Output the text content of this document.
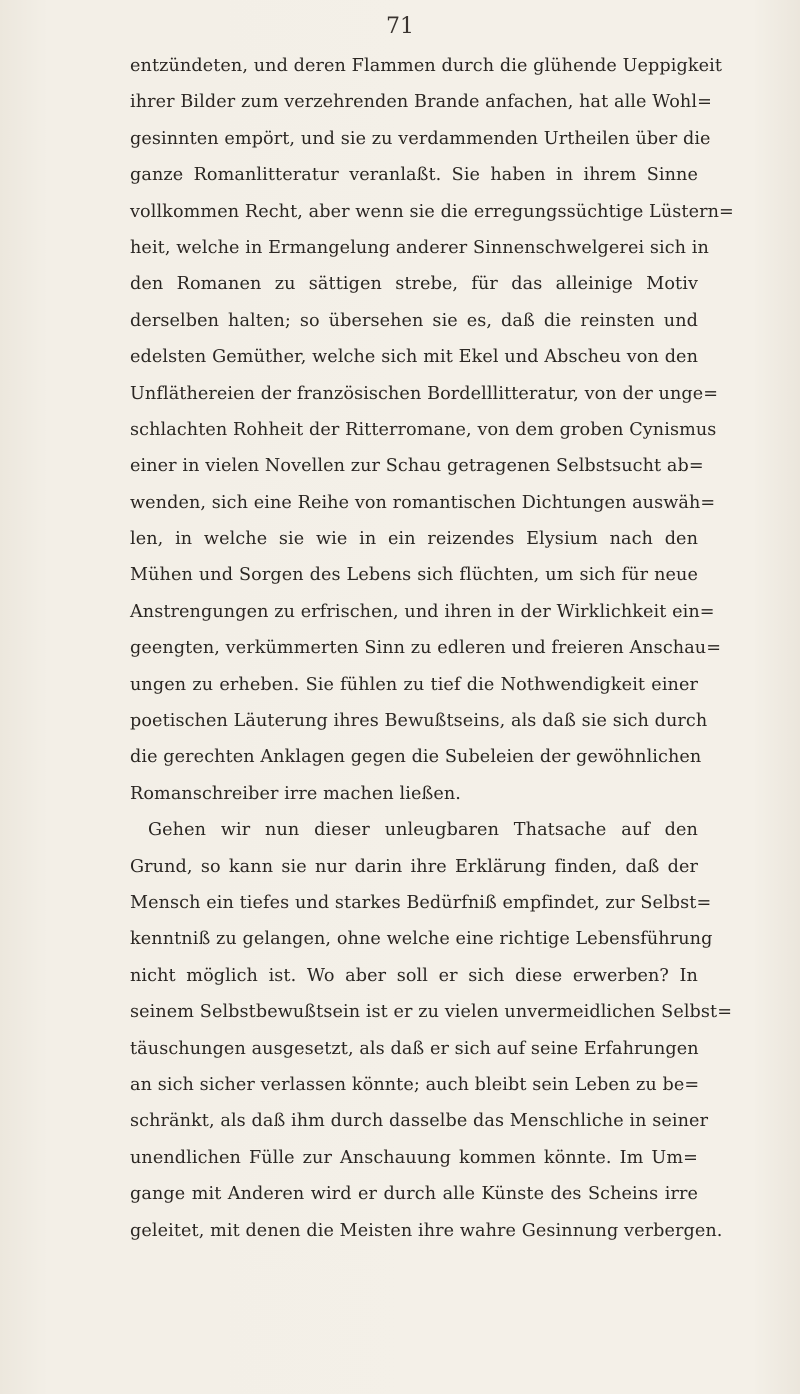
71
entzündeten, und deren Flammen durch die glühende Ueppigkeit
ihrer Bilder zum verzehrenden Brande anfachen, hat alle Wohl=
gesinnten empört, und sie zu verdammenden Urtheilen über die
ganze Romanlitteratur veranlaßt. Sie haben in ihrem Sinne
vollkommen Recht, aber wenn sie die erregungssüchtige Lüstern=
heit, welche in Ermangelung anderer Sinnenschwelgerei sich in
den Romanen zu sättigen strebe, für das alleinige Motiv
derselben halten; so übersehen sie es, daß die reinsten und
edelsten Gemüther, welche sich mit Ekel und Abscheu von den
Unfläthereien der französischen Bordelllitteratur, von der unge=
schlachten Rohheit der Ritterromane, von dem groben Cynismus
einer in vielen Novellen zur Schau getragenen Selbstsucht ab=
wenden, sich eine Reihe von romantischen Dichtungen auswäh=
len, in welche sie wie in ein reizendes Elysium nach den
Mühen und Sorgen des Lebens sich flüchten, um sich für neue
Anstrengungen zu erfrischen, und ihren in der Wirklichkeit ein=
geengten, verkümmerten Sinn zu edleren und freieren Anschau=
ungen zu erheben. Sie fühlen zu tief die Nothwendigkeit einer
poetischen Läuterung ihres Bewußtseins, als daß sie sich durch
die gerechten Anklagen gegen die Subeleien der gewöhnlichen
Romanschreiber irre machen ließen.
Gehen wir nun dieser unleugbaren Thatsache auf den
Grund, so kann sie nur darin ihre Erklärung finden, daß der
Mensch ein tiefes und starkes Bedürfniß empfindet, zur Selbst=
kenntniß zu gelangen, ohne welche eine richtige Lebensführung
nicht möglich ist. Wo aber soll er sich diese erwerben? In
seinem Selbstbewußtsein ist er zu vielen unvermeidlichen Selbst=
täuschungen ausgesetzt, als daß er sich auf seine Erfahrungen
an sich sicher verlassen könnte; auch bleibt sein Leben zu be=
schränkt, als daß ihm durch dasselbe das Menschliche in seiner
unendlichen Fülle zur Anschauung kommen könnte. Im Um=
gange mit Anderen wird er durch alle Künste des Scheins irre
geleitet, mit denen die Meisten ihre wahre Gesinnung verbergen.
